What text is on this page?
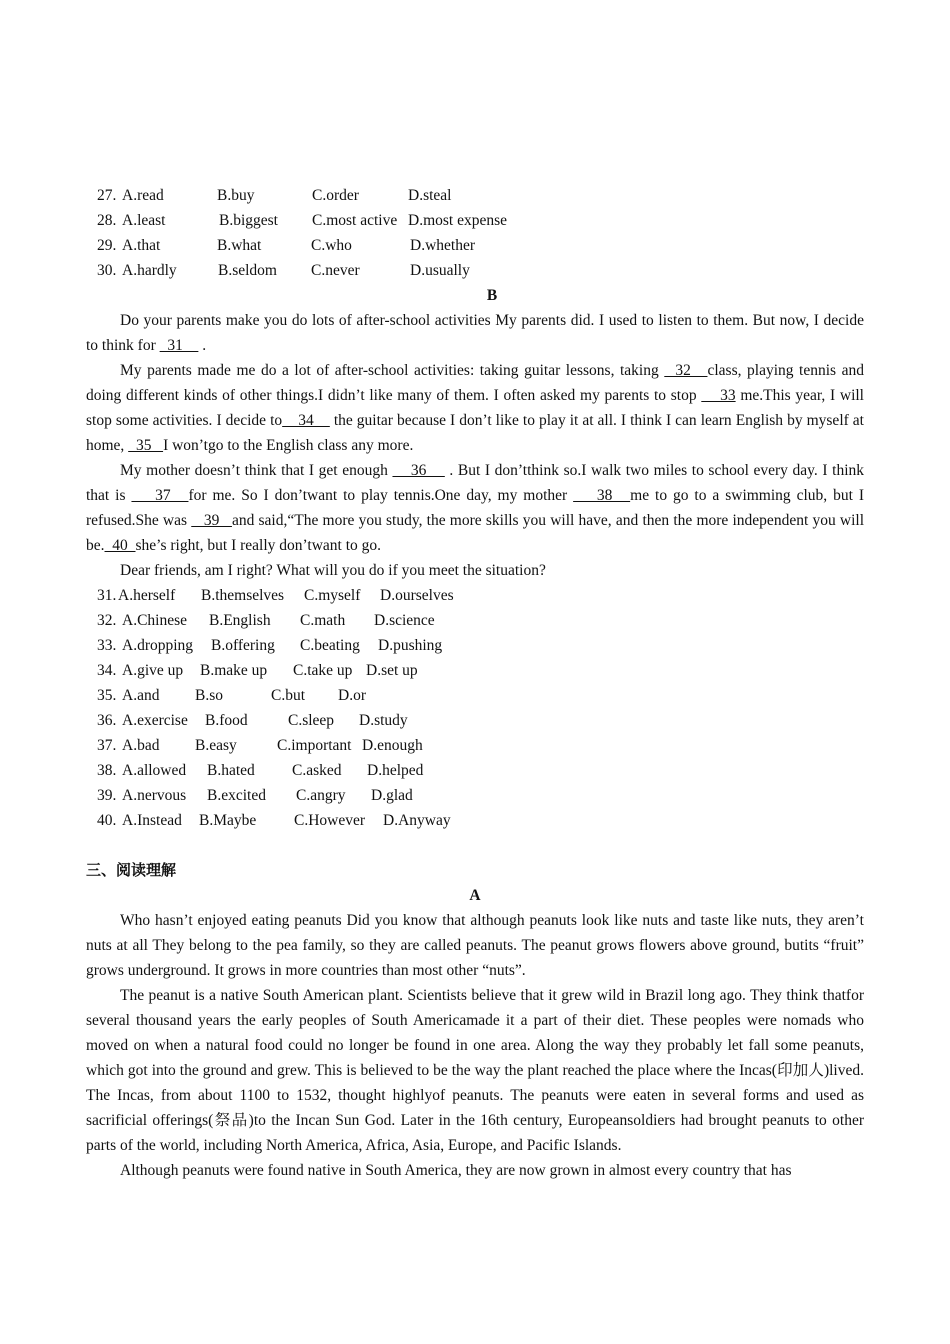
27. A.read	B.buy	C.order	D.steal
28. A.least	B.biggest C.most active D.most expense
29. A.that	B.what	C.who	D.whether
30. A.hardly	B.seldom C.never	D.usually
B

Do your parents make you do lots of after-school activities My parents did. I used to listen to them. But now, I decide to think for   31     .

My parents made me do a lot of after-school activities: taking guitar lessons, taking   32   class, playing tennis and doing different kinds of other things.I didn’t like many of them. I often asked my parents to stop     33 me.This year, I will stop some activities. I decide to    34     the guitar because I don’t like to play it at all. I think I can learn English by myself at home,   35   I won’tgo to the English class any more.

My mother doesn’t think that I get enough     36     . But I don’tthink so.I walk two miles to school every day. I think that is     37   for me. So I don’twant to play tennis.One day, my mother     38   me to go to a swimming club, but I refused.She was    39   and said,“The more you study, the more skills you will have, and then the more independent you will be.  40  she’s right, but I really don’twant to go.

Dear friends, am I right? What will you do if you meet the situation?

31. A.herself B.themselves C.myself D.ourselves
32. A.Chinese B.English C.math D.science
33. A.dropping B.offering C.beating D.pushing
34. A.give up B.make up C.take up D.set up
35. A.and B.so	C.but D.or
36. A.exercise B.food	C.sleep D.study
37. A.bad B.easy	C.important D.enough
38. A.allowed B.hated C.asked D.helped
39. A.nervous B.excited C.angry D.glad
40. A.Instead B.Maybe C.However D.Anyway
三、阅读理解
A

Who hasn’t enjoyed eating peanuts Did you know that although peanuts look like nuts and taste like nuts, they aren’t nuts at all They belong to the pea family, so they are called peanuts. The peanut grows flowers above ground, butits “fruit” grows underground. It grows in more countries than most other “nuts”.

The peanut is a native South American plant. Scientists believe that it grew wild in Brazil long ago. They think thatfor several thousand years the early peoples of South Americamade it a part of their diet. These peoples were nomads who moved on when a natural food could no longer be found in one area. Along the way they probably let fall some peanuts, which got into the ground and grew. This is believed to be the way the plant reached the place where the Incas(印加人)lived. The Incas, from about 1100 to 1532, thought highlyof peanuts. The peanuts were eaten in several forms and used as sacrificial offerings(祭品)to the Incan Sun God. Later in the 16th century, Europeansoldiers had brought peanuts to other parts of the world, including North America, Africa, Asia, Europe, and Pacific Islands.

Although peanuts were found native in South America, they are now grown in almost every country that has
